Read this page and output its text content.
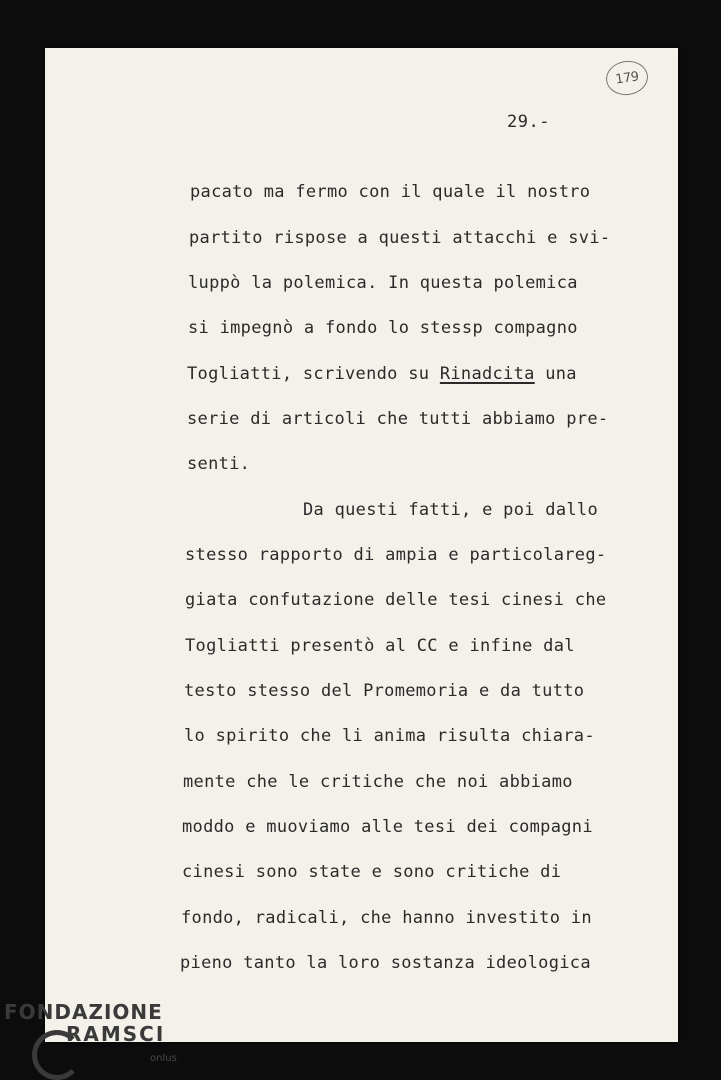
179
29.-

pacato ma fermo con il quale il nostro

partito rispose a questi attacchi e svi-

luppò la polemica. In questa polemica

si impegnò a fondo lo stessp compagno

Togliatti, scrivendo su Rinadcita una

serie di articoli che tutti abbiamo pre-

senti.

Da questi fatti, e poi dallo

stesso rapporto di ampia e particolareg-

giata confutazione delle tesi cinesi che

Togliatti presentò al CC e infine dal

testo stesso del Promemoria e da tutto

lo spirito che li anima risulta chiara-

mente che le critiche che noi abbiamo

moddo e muoviamo alle tesi dei compagni

cinesi sono state e sono critiche di

fondo, radicali, che hanno investito in

pieno tanto la loro sostanza ideologica

FONDAZIONE
RAMSCI
onlus
